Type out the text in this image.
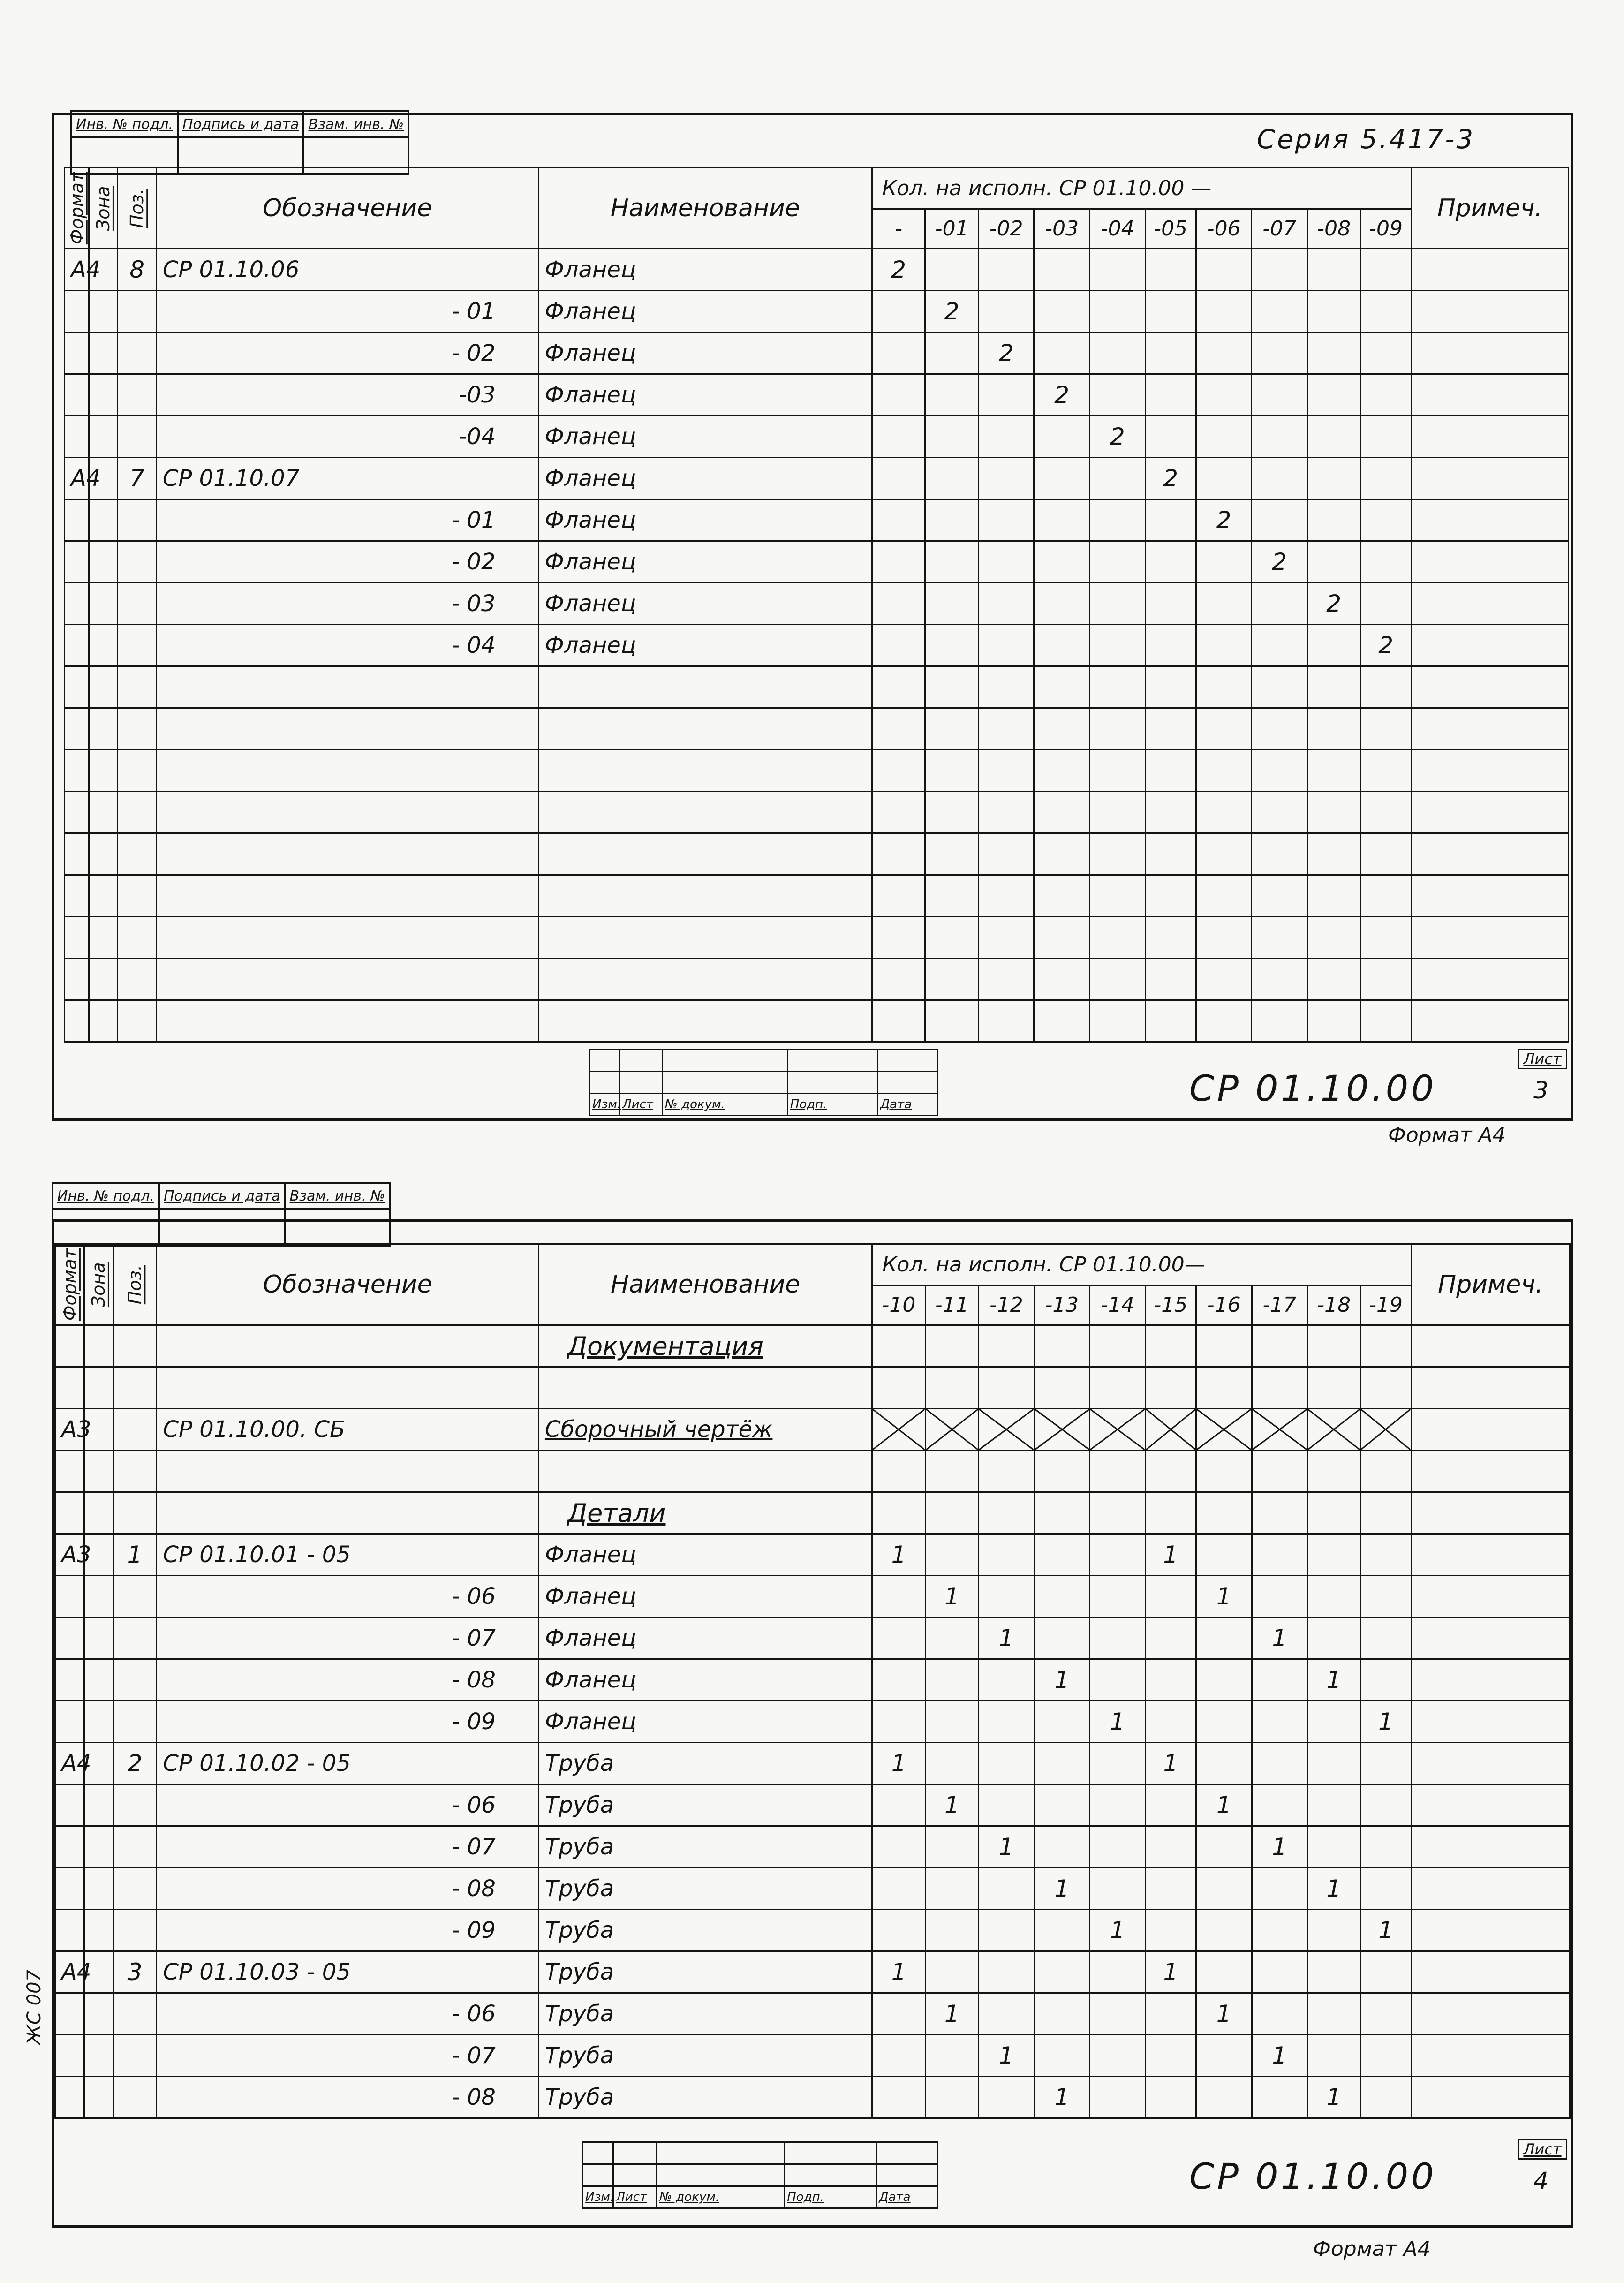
Инв. № подл.	Подпись и дата	Взам. инв. №
			Серия 5.417-3
Формат	Зона	Поз.	Обозначение	Наименование	Кол. на исполн. СР 01.10.00 —										Примеч.
					-	-01	-02	-03	-04	-05	-06	-07	-08	-09	
А4		8	СР 01.10.06	Фланец	2										
			- 01	Фланец		2									
			- 02	Фланец			2								
			-03	Фланец				2							
			-04	Фланец					2						
А4		7	СР 01.10.07	Фланец						2					
			- 01	Фланец							2				
			- 02	Фланец								2			
			- 03	Фланец									2		
			- 04	Фланец										2	

Изм.	Лист	№ докум.	Подп.	Дата	СР 01.10.00
Лист
3
Формат А4
Инв. № подл.	Подпись и дата	Взам. инв. №

Формат	Зона	Поз.	Обозначение	Наименование	Кол. на исполн. СР 01.10.00—										Примеч.
					-10	-11	-12	-13	-14	-15	-16	-17	-18	-19	
				Документация											

А3			СР 01.10.00. СБ	Сборочный чертёж	

				Детали											
А3		1	СР 01.10.01 - 05	Фланец	1					1					
			- 06	Фланец		1					1				
			- 07	Фланец			1					1			
			- 08	Фланец				1					1		
			- 09	Фланец					1					1	
А4		2	СР 01.10.02 - 05	Труба	1					1					
			- 06	Труба		1					1				
			- 07	Труба			1					1			
			- 08	Труба				1					1		
			- 09	Труба					1					1	
А4		3	СР 01.10.03 - 05	Труба	1					1					
			- 06	Труба		1					1				
			- 07	Труба			1					1			
			- 08	Труба				1					1		

Изм.	Лист	№ докум.	Подп.	Дата	СР 01.10.00
Лист
4
ЖС 007
Формат А4
